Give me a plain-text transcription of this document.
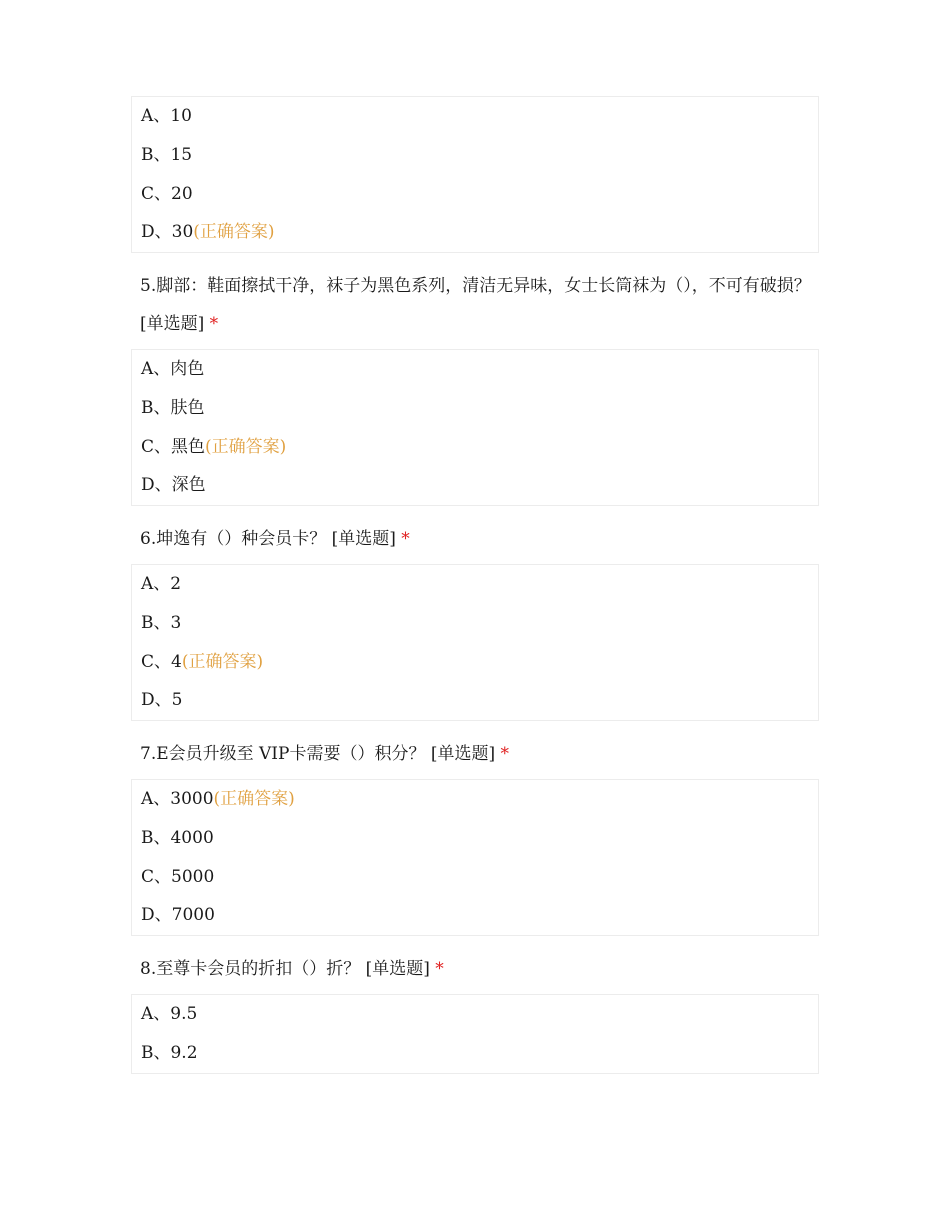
A、10
B、15
C、20
D、30(正确答案)
5.脚部：鞋面擦拭干净，袜子为黑色系列，清洁无异味，女士长筒袜为（），不可有破损？ [单选题] *
A、肉色
B、肤色
C、黑色(正确答案)
D、深色
6.坤逸有（）种会员卡？ [单选题] *
A、2
B、3
C、4(正确答案)
D、5
7.E会员升级至 VIP卡需要（）积分？ [单选题] *
A、3000(正确答案)
B、4000
C、5000
D、7000
8.至尊卡会员的折扣（）折？ [单选题] *
A、9.5
B、9.2
